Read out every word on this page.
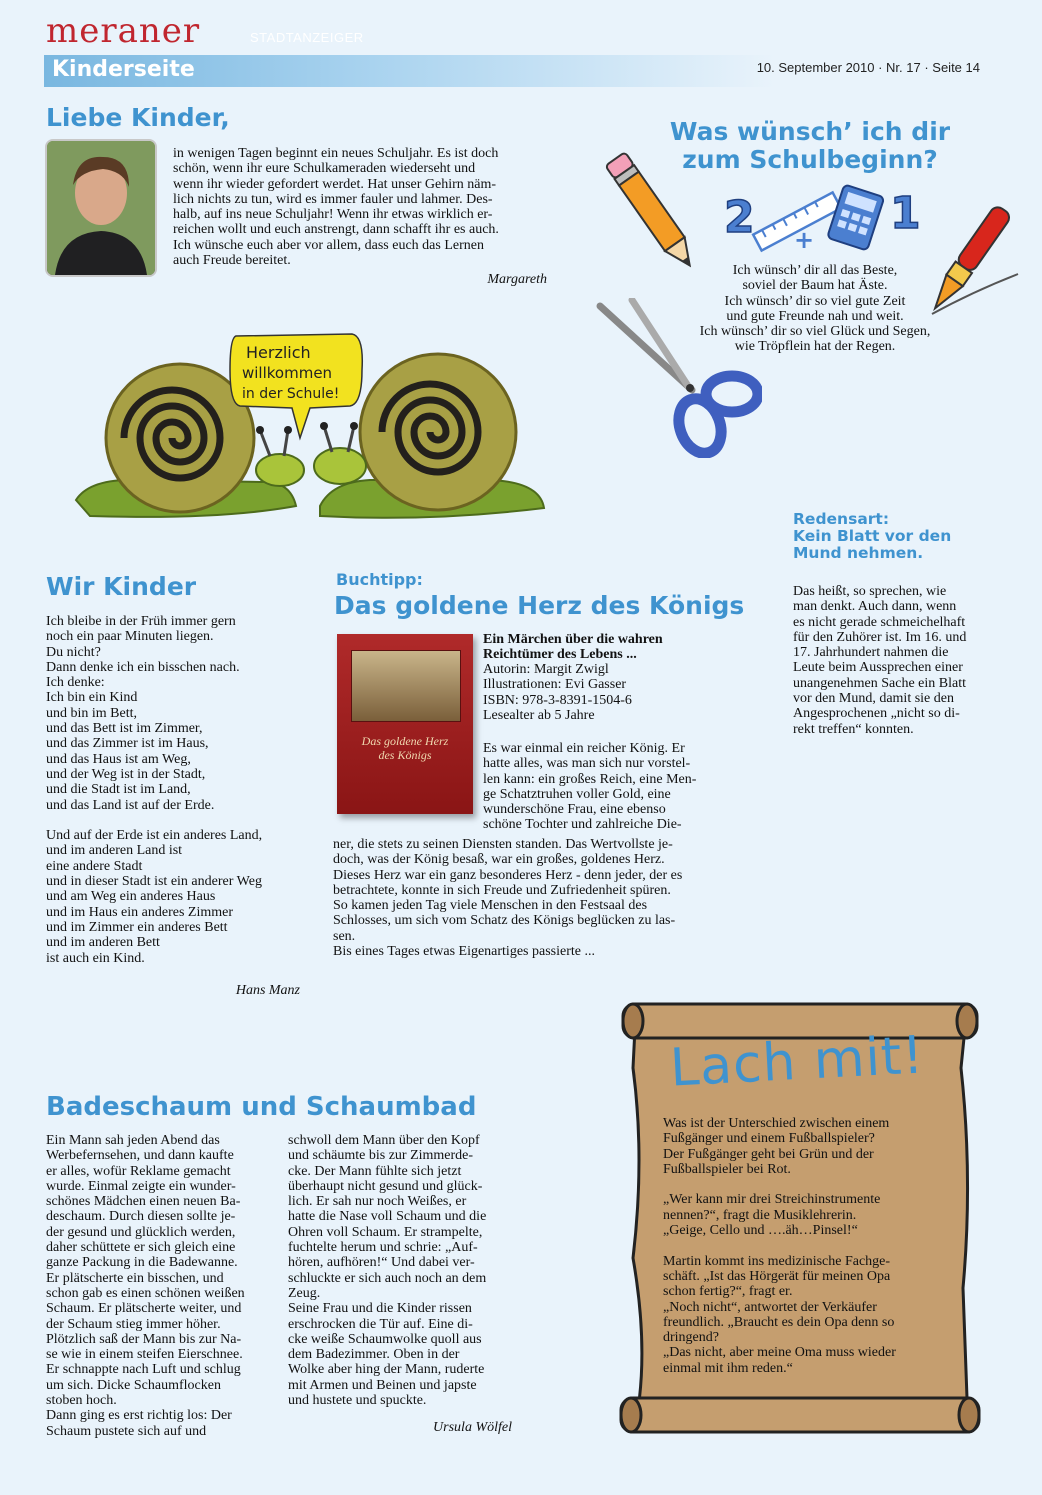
meraner
Kinderseite
STADTANZEIGER
10. September 2010 · Nr. 17 · Seite 14
Liebe Kinder,
in wenigen Tagen beginnt ein neues Schuljahr. Es ist doch
schön, wenn ihr eure Schulkameraden wiederseht und
wenn ihr wieder gefordert werdet. Hat unser Gehirn näm-
lich nichts zu tun, wird es immer fauler und lahmer. Des-
halb, auf ins neue Schuljahr! Wenn ihr etwas wirklich er-
reichen wollt und euch anstrengt, dann schafft ihr es auch.
Ich wünsche euch aber vor allem, dass euch das Lernen
auch Freude bereitet.
Margareth
Was wünsch’ ich dir
zum Schulbeginn?
2 +
1
Ich wünsch’ dir all das Beste,
soviel der Baum hat Äste.
Ich wünsch’ dir so viel gute Zeit
und gute Freunde nah und weit.
Ich wünsch’ dir so viel Glück und Segen,
wie Tröpflein hat der Regen.
Herzlich
willkommen
in der Schule!
Redensart:
Kein Blatt vor den
Mund nehmen.
Das heißt, so sprechen, wie
man denkt. Auch dann, wenn
es nicht gerade schmeichelhaft
für den Zuhörer ist. Im 16. und
17. Jahrhundert nahmen die
Leute beim Aussprechen einer
unangenehmen Sache ein Blatt
vor den Mund, damit sie den
Angesprochenen „nicht so di-
rekt treffen“ konnten.
Wir Kinder
Ich bleibe in der Früh immer gern
noch ein paar Minuten liegen.
Du nicht?
Dann denke ich ein bisschen nach.
Ich denke:
Ich bin ein Kind
und bin im Bett,
und das Bett ist im Zimmer,
und das Zimmer ist im Haus,
und das Haus ist am Weg,
und der Weg ist in der Stadt,
und die Stadt ist im Land,
und das Land ist auf der Erde.

Und auf der Erde ist ein anderes Land,
und im anderen Land ist
eine andere Stadt
und in dieser Stadt ist ein anderer Weg
und am Weg ein anderes Haus
und im Haus ein anderes Zimmer
und im Zimmer ein anderes Bett
und im anderen Bett
ist auch ein Kind.
Hans Manz
Buchtipp:
Das goldene Herz des Königs
Das goldene Herz
des Königs
Ein Märchen über die wahren
Reichtümer des Lebens ...
Autorin: Margit Zwigl
Illustrationen: Evi Gasser
ISBN: 978-3-8391-1504-6
Lesealter ab 5 Jahre
Es war einmal ein reicher König. Er
hatte alles, was man sich nur vorstel-
len kann: ein großes Reich, eine Men-
ge Schatztruhen voller Gold, eine
wunderschöne Frau, eine ebenso
schöne Tochter und zahlreiche Die-
ner, die stets zu seinen Diensten standen. Das Wertvollste je-
doch, was der König besaß, war ein großes, goldenes Herz.
Dieses Herz war ein ganz besonderes Herz - denn jeder, der es
betrachtete, konnte in sich Freude und Zufriedenheit spüren.
So kamen jeden Tag viele Menschen in den Festsaal des
Schlosses, um sich vom Schatz des Königs beglücken zu las-
sen.
Bis eines Tages etwas Eigenartiges passierte ...
Badeschaum und Schaumbad
Ein Mann sah jeden Abend das
Werbefernsehen, und dann kaufte
er alles, wofür Reklame gemacht
wurde. Einmal zeigte ein wunder-
schönes Mädchen einen neuen Ba-
deschaum. Durch diesen sollte je-
der gesund und glücklich werden,
daher schüttete er sich gleich eine
ganze Packung in die Badewanne.
Er plätscherte ein bisschen, und
schon gab es einen schönen weißen
Schaum. Er plätscherte weiter, und
der Schaum stieg immer höher.
Plötzlich saß der Mann bis zur Na-
se wie in einem steifen Eierschnee.
Er schnappte nach Luft und schlug
um sich. Dicke Schaumflocken
stoben hoch.
Dann ging es erst richtig los: Der
Schaum pustete sich auf und
schwoll dem Mann über den Kopf
und schäumte bis zur Zimmerde-
cke. Der Mann fühlte sich jetzt
überhaupt nicht gesund und glück-
lich. Er sah nur noch Weißes, er
hatte die Nase voll Schaum und die
Ohren voll Schaum. Er strampelte,
fuchtelte herum und schrie: „Auf-
hören, aufhören!“ Und dabei ver-
schluckte er sich auch noch an dem
Zeug.
Seine Frau und die Kinder rissen
erschrocken die Tür auf. Eine di-
cke weiße Schaumwolke quoll aus
dem Badezimmer. Oben in der
Wolke aber hing der Mann, ruderte
mit Armen und Beinen und japste
und hustete und spuckte.
Ursula Wölfel
Lach mit!
Was ist der Unterschied zwischen einem
Fußgänger und einem Fußballspieler?
Der Fußgänger geht bei Grün und der
Fußballspieler bei Rot.

„Wer kann mir drei Streichinstrumente
nennen?“, fragt die Musiklehrerin.
„Geige, Cello und ….äh…Pinsel!“

Martin kommt ins medizinische Fachge-
schäft. „Ist das Hörgerät für meinen Opa
schon fertig?“, fragt er.
„Noch nicht“, antwortet der Verkäufer
freundlich. „Braucht es dein Opa denn so
dringend?
„Das nicht, aber meine Oma muss wieder
einmal mit ihm reden.“
